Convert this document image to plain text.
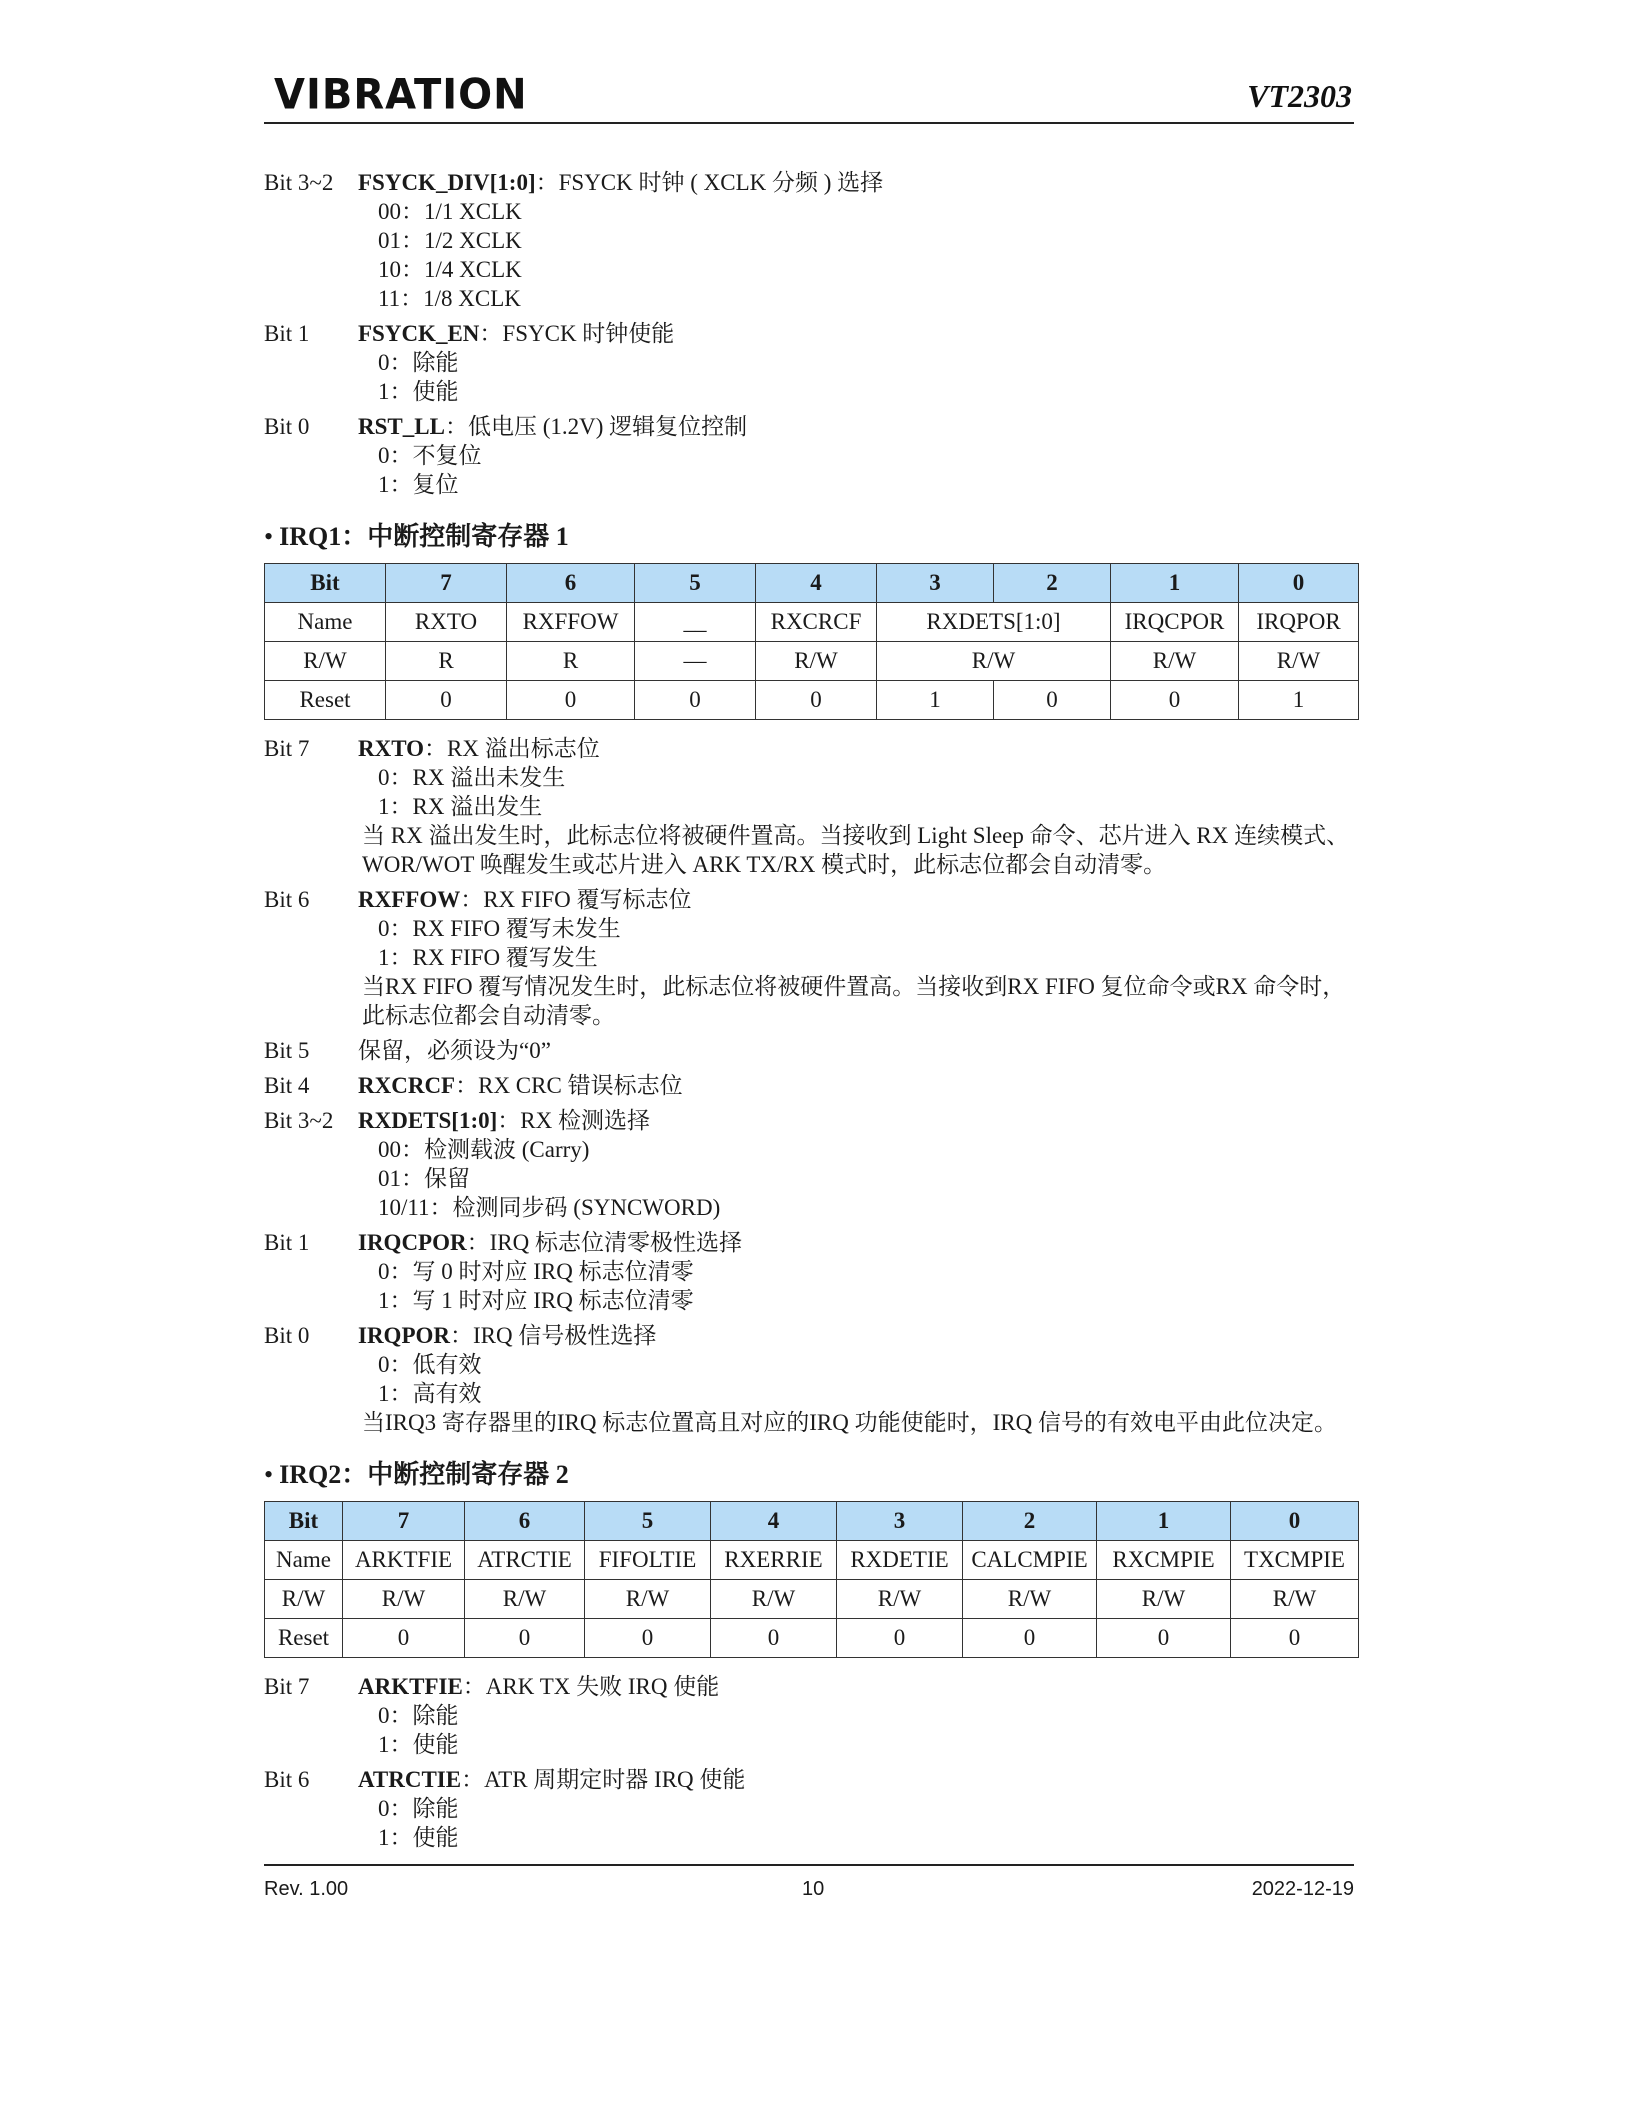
VIBRATION	VT2303
Bit 3~2	FSYCK_DIV[1:0]：FSYCK 时钟 ( XCLK 分频 ) 选择
00：1/1 XCLK
01：1/2 XCLK
10：1/4 XCLK
11：1/8 XCLK
Bit 1	FSYCK_EN：FSYCK 时钟使能
0：除能
1：使能
Bit 0	RST_LL：低电压 (1.2V) 逻辑复位控制
0：不复位
1：复位
• IRQ1：中断控制寄存器 1
Bit	7	6	5	4	3	2	1	0
Name	RXTO	RXFFOW	__	RXCRCF	RXDETS[1:0]		IRQCPOR	IRQPOR
R/W	R	R	—	R/W	R/W		R/W	R/W
Reset	0	0	0	0	1	0	0	1
Bit 7	RXTO：RX 溢出标志位
0：RX 溢出未发生
1：RX 溢出发生
当 RX 溢出发生时，此标志位将被硬件置高。当接收到 Light Sleep 命令、芯片进入 RX 连续模式、
WOR/WOT 唤醒发生或芯片进入 ARK TX/RX 模式时，此标志位都会自动清零。
Bit 6	RXFFOW：RX FIFO 覆写标志位
0：RX FIFO 覆写未发生
1：RX FIFO 覆写发生
当RX FIFO 覆写情况发生时，此标志位将被硬件置高。当接收到RX FIFO 复位命令或RX 命令时，
此标志位都会自动清零。
Bit 5	保留，必须设为“0”
Bit 4	RXCRCF：RX CRC 错误标志位
Bit 3~2	RXDETS[1:0]：RX 检测选择
00：检测载波 (Carry)
01：保留
10/11：检测同步码 (SYNCWORD)
Bit 1	IRQCPOR：IRQ 标志位清零极性选择
0：写 0 时对应 IRQ 标志位清零
1：写 1 时对应 IRQ 标志位清零
Bit 0	IRQPOR：IRQ 信号极性选择
0：低有效
1：高有效
当IRQ3 寄存器里的IRQ 标志位置高且对应的IRQ 功能使能时，IRQ 信号的有效电平由此位决定。
• IRQ2：中断控制寄存器 2
Bit	7	6	5	4	3	2	1	0
Name	ARKTFIE	ATRCTIE	FIFOLTIE	RXERRIE	RXDETIE	CALCMPIE	RXCMPIE	TXCMPIE
R/W	R/W	R/W	R/W	R/W	R/W	R/W	R/W	R/W
Reset	0	0	0	0	0	0	0	0
Bit 7	ARKTFIE：ARK TX 失败 IRQ 使能
0：除能
1：使能
Bit 6	ATRCTIE：ATR 周期定时器 IRQ 使能
0：除能
1：使能
Rev. 1.00	10	2022-12-19
